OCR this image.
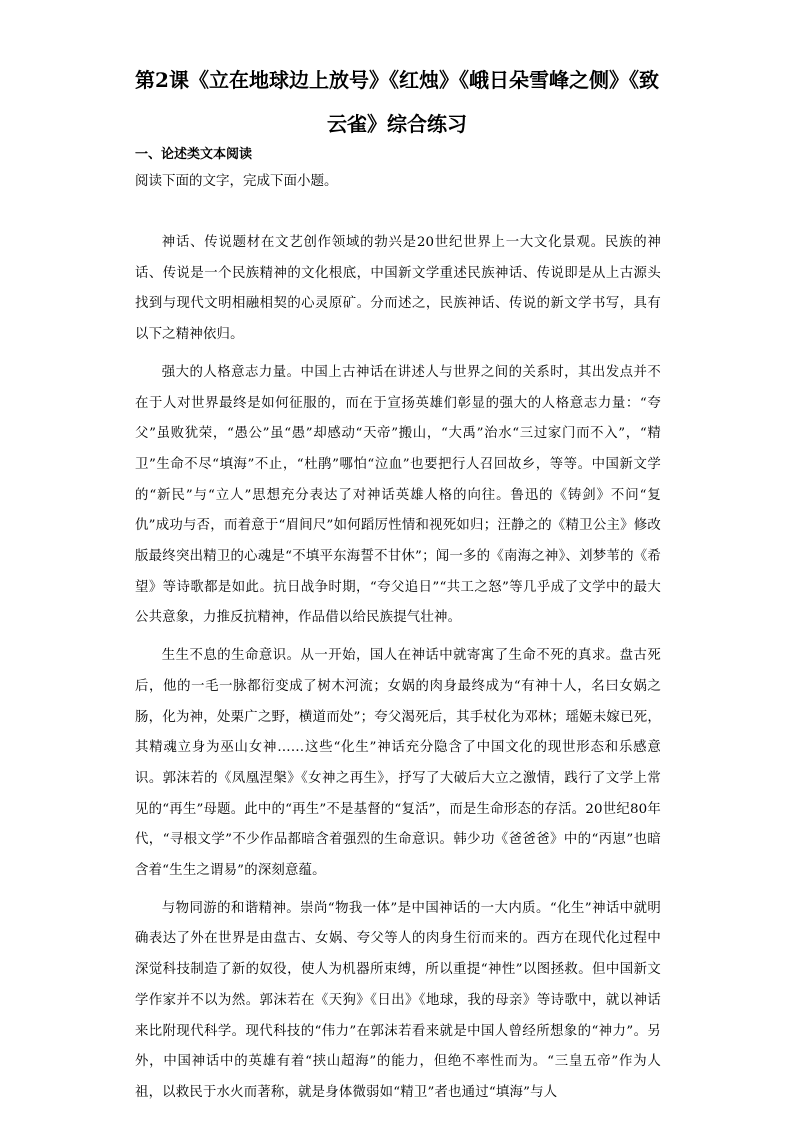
第2课《立在地球边上放号》《红烛》《峨日朵雪峰之侧》《致
云雀》综合练习
一、论述类文本阅读
阅读下面的文字，完成下面小题。

神话、传说题材在文艺创作领域的勃兴是20世纪世界上一大文化景观。民族的神话、传说是一个民族精神的文化根底，中国新文学重述民族神话、传说即是从上古源头找到与现代文明相融相契的心灵原矿。分而述之，民族神话、传说的新文学书写，具有以下之精神依归。

强大的人格意志力量。中国上古神话在讲述人与世界之间的关系时，其出发点并不在于人对世界最终是如何征服的，而在于宣扬英雄们彰显的强大的人格意志力量：“夸父”虽败犹荣，“愚公”虽“愚”却感动“天帝”搬山，“大禹”治水“三过家门而不入”，“精卫”生命不尽“填海”不止，“杜鹃”哪怕“泣血”也要把行人召回故乡，等等。中国新文学的“新民”与“立人”思想充分表达了对神话英雄人格的向往。鲁迅的《铸剑》不问“复仇”成功与否，而着意于“眉间尺”如何蹈厉性情和视死如归；汪静之的《精卫公主》修改版最终突出精卫的心魂是“不填平东海誓不甘休”；闻一多的《南海之神》、刘梦苇的《希望》等诗歌都是如此。抗日战争时期，“夸父追日”“共工之怒”等几乎成了文学中的最大公共意象，力推反抗精神，作品借以给民族提气壮神。

生生不息的生命意识。从一开始，国人在神话中就寄寓了生命不死的真求。盘古死后，他的一毛一脉都衍变成了树木河流；女娲的肉身最终成为“有神十人，名曰女娲之肠，化为神，处栗广之野，横道而处”；夸父渴死后，其手杖化为邓林；瑶姬未嫁已死，其精魂立身为巫山女神……这些“化生”神话充分隐含了中国文化的现世形态和乐感意识。郭沫若的《凤凰涅槃》《女神之再生》，抒写了大破后大立之激情，践行了文学上常见的“再生”母题。此中的“再生”不是基督的“复活”，而是生命形态的存活。20世纪80年代，“寻根文学”不少作品都暗含着强烈的生命意识。韩少功《爸爸爸》中的“丙崽”也暗含着“生生之谓易”的深刻意蕴。

与物同游的和谐精神。崇尚“物我一体”是中国神话的一大内质。“化生”神话中就明确表达了外在世界是由盘古、女娲、夸父等人的肉身生衍而来的。西方在现代化过程中深觉科技制造了新的奴役，使人为机器所束缚，所以重提“神性”以图拯救。但中国新文学作家并不以为然。郭沫若在《天狗》《日出》《地球，我的母亲》等诗歌中，就以神话来比附现代科学。现代科技的“伟力”在郭沫若看来就是中国人曾经所想象的“神力”。另外，中国神话中的英雄有着“挟山超海”的能力，但绝不率性而为。“三皇五帝”作为人祖，以救民于水火而著称，就是身体微弱如“精卫”者也通过“填海”与人
